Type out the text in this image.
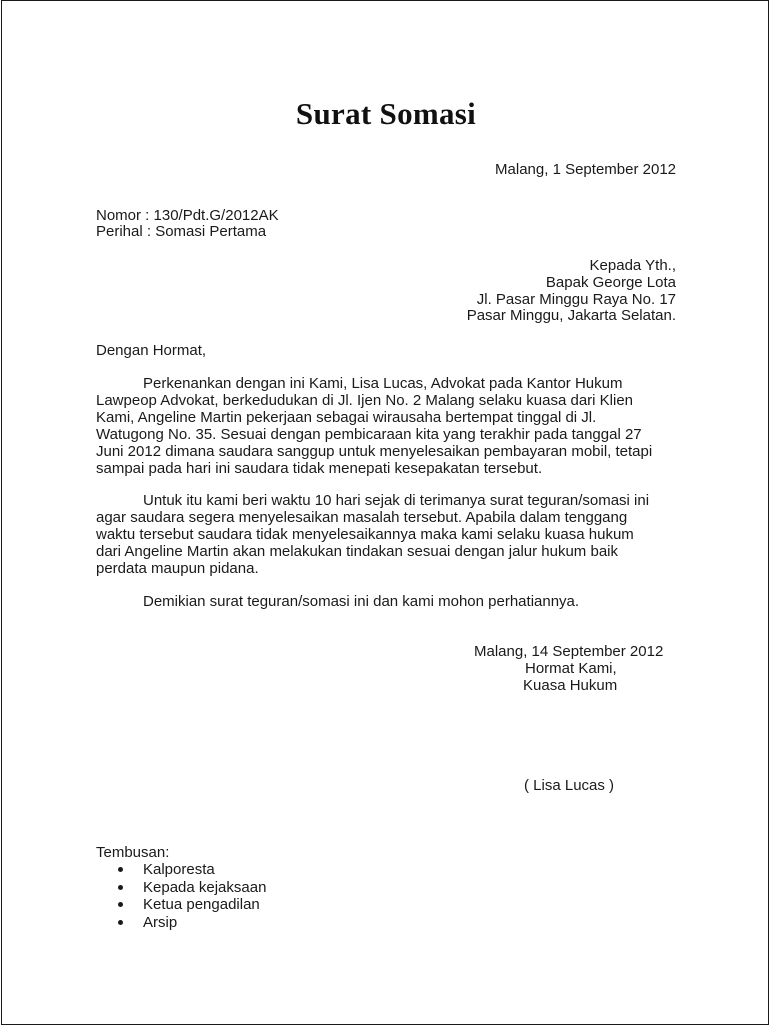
Surat Somasi
Malang, 1 September 2012
Nomor : 130/Pdt.G/2012AK
Perihal : Somasi Pertama
Kepada Yth.,
Bapak George Lota
Jl. Pasar Minggu Raya No. 17
Pasar Minggu, Jakarta Selatan.
Dengan Hormat,
Perkenankan dengan ini Kami, Lisa Lucas, Advokat pada Kantor Hukum
Lawpeop Advokat, berkedudukan di Jl. Ijen No. 2 Malang selaku kuasa dari Klien
Kami, Angeline Martin pekerjaan sebagai wirausaha bertempat tinggal di Jl.
Watugong No. 35. Sesuai dengan pembicaraan kita yang terakhir pada tanggal 27
Juni 2012 dimana saudara sanggup untuk menyelesaikan pembayaran mobil, tetapi
sampai pada hari ini saudara tidak menepati kesepakatan tersebut.
Untuk itu kami beri waktu 10 hari sejak di terimanya surat teguran/somasi ini
agar saudara segera menyelesaikan masalah tersebut. Apabila dalam tenggang
waktu tersebut saudara tidak menyelesaikannya maka kami selaku kuasa hukum
dari Angeline Martin akan melakukan tindakan sesuai dengan jalur hukum baik
perdata maupun pidana.
Demikian surat teguran/somasi ini dan kami mohon perhatiannya.
Malang, 14 September 2012
Hormat Kami,
Kuasa Hukum
( Lisa Lucas )
Tembusan:
Kalporesta
Kepada kejaksaan
Ketua pengadilan
Arsip
